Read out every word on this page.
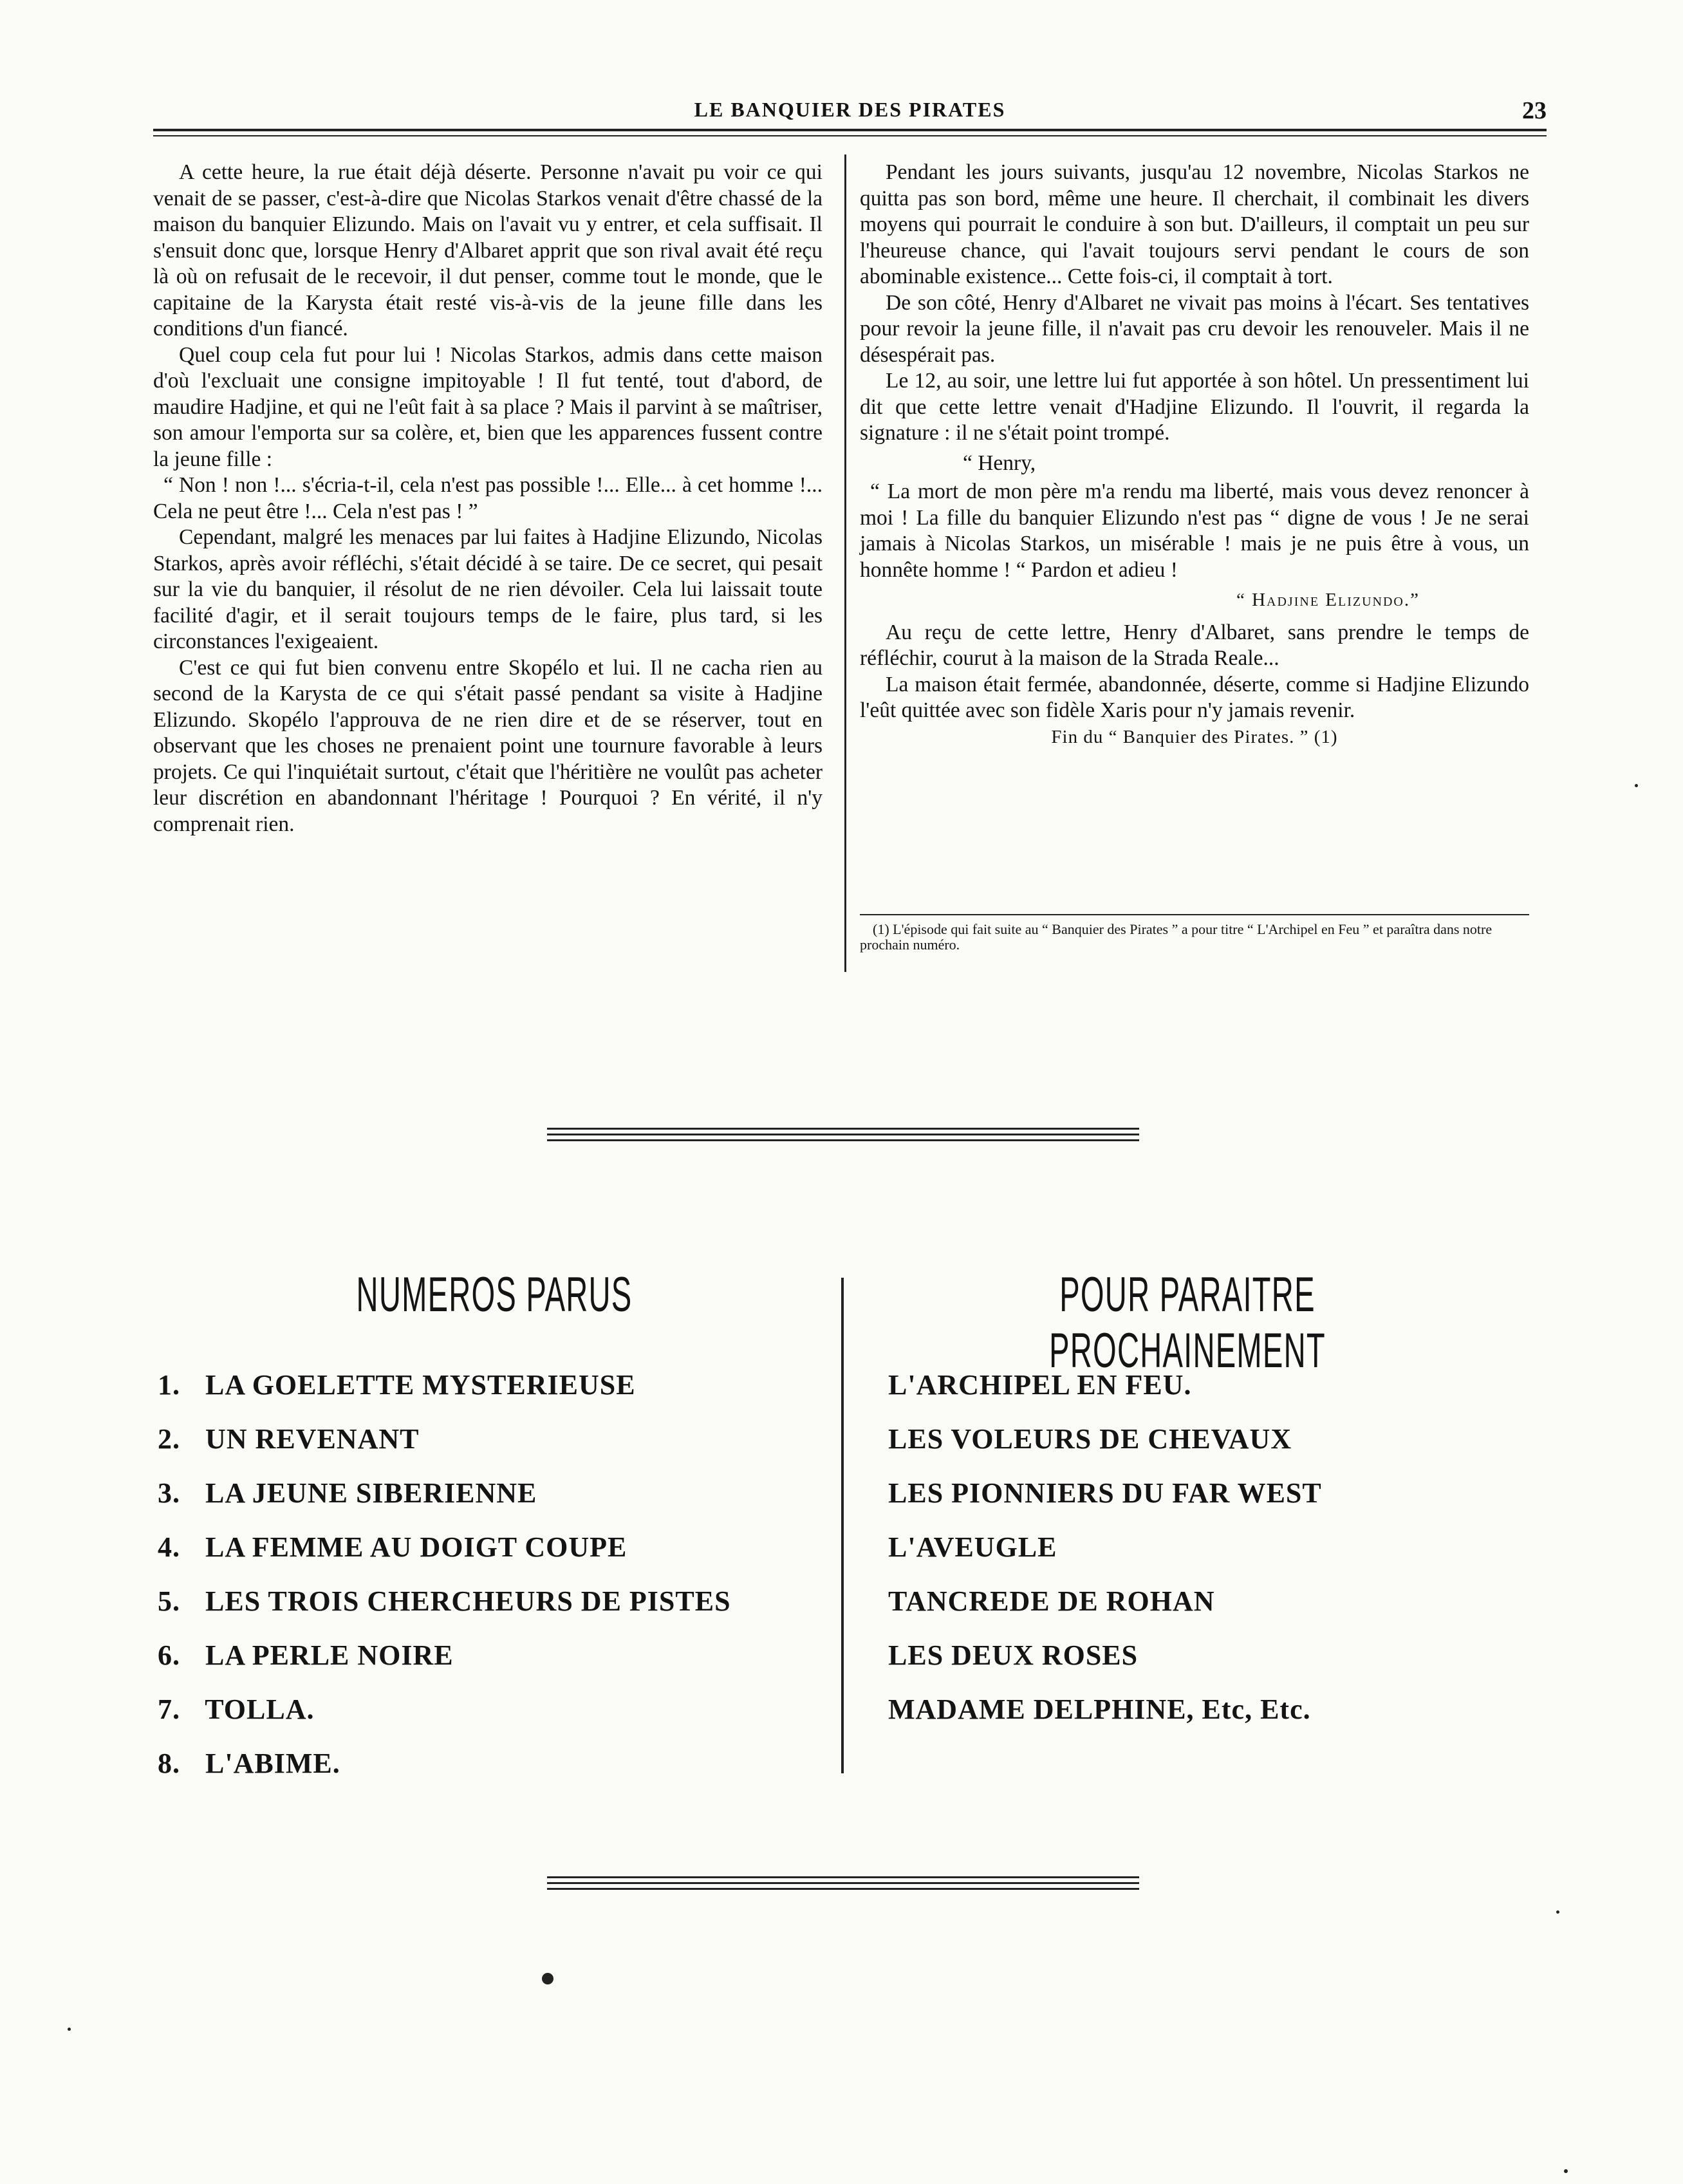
LE BANQUIER DES PIRATES	23

A cette heure, la rue était déjà déserte. Personne n'avait pu voir ce qui venait de se passer, c'est-à-dire que Nicolas Starkos venait d'être chassé de la maison du banquier Elizundo. Mais on l'avait vu y entrer, et cela suffisait. Il s'ensuit donc que, lorsque Henry d'Albaret apprit que son rival avait été reçu là où on refusait de le recevoir, il dut penser, comme tout le monde, que le capitaine de la Karysta était resté vis-à-vis de la jeune fille dans les conditions d'un fiancé.

Quel coup cela fut pour lui ! Nicolas Starkos, admis dans cette maison d'où l'excluait une consigne impitoyable ! Il fut tenté, tout d'abord, de maudire Hadjine, et qui ne l'eût fait à sa place ? Mais il parvint à se maîtriser, son amour l'emporta sur sa colère, et, bien que les apparences fussent contre la jeune fille :

“ Non ! non !... s'écria-t-il, cela n'est pas possible !... Elle... à cet homme !... Cela ne peut être !... Cela n'est pas ! ”

Cependant, malgré les menaces par lui faites à Hadjine Elizundo, Nicolas Starkos, après avoir réfléchi, s'était décidé à se taire. De ce secret, qui pesait sur la vie du banquier, il résolut de ne rien dévoiler. Cela lui laissait toute facilité d'agir, et il serait toujours temps de le faire, plus tard, si les circonstances l'exigeaient.

C'est ce qui fut bien convenu entre Skopélo et lui. Il ne cacha rien au second de la Karysta de ce qui s'était passé pendant sa visite à Hadjine Elizundo. Skopélo l'approuva de ne rien dire et de se réserver, tout en observant que les choses ne prenaient point une tournure favorable à leurs projets. Ce qui l'inquiétait surtout, c'était que l'héritière ne voulût pas acheter leur discrétion en abandonnant l'héritage ! Pourquoi ? En vérité, il n'y comprenait rien.

Pendant les jours suivants, jusqu'au 12 novembre, Nicolas Starkos ne quitta pas son bord, même une heure. Il cherchait, il combinait les divers moyens qui pourrait le conduire à son but. D'ailleurs, il comptait un peu sur l'heureuse chance, qui l'avait toujours servi pendant le cours de son abominable existence... Cette fois-ci, il comptait à tort.

De son côté, Henry d'Albaret ne vivait pas moins à l'écart. Ses tentatives pour revoir la jeune fille, il n'avait pas cru devoir les renouveler. Mais il ne désespérait pas.

Le 12, au soir, une lettre lui fut apportée à son hôtel. Un pressentiment lui dit que cette lettre venait d'Hadjine Elizundo. Il l'ouvrit, il regarda la signature : il ne s'était point trompé.

“ Henry,

“ La mort de mon père m'a rendu ma liberté, mais vous devez renoncer à moi ! La fille du banquier Elizundo n'est pas “ digne de vous ! Je ne serai jamais à Nicolas Starkos, un misérable ! mais je ne puis être à vous, un honnête homme ! “ Pardon et adieu !

“ Hadjine Elizundo.”

Au reçu de cette lettre, Henry d'Albaret, sans prendre le temps de réfléchir, courut à la maison de la Strada Reale...

La maison était fermée, abandonnée, déserte, comme si Hadjine Elizundo l'eût quittée avec son fidèle Xaris pour n'y jamais revenir.

Fin du “ Banquier des Pirates. ” (1)

(1) L'épisode qui fait suite au “ Banquier des Pirates ” a pour titre “ L'Archipel en Feu ” et paraîtra dans notre prochain numéro.
NUMEROS PARUS	POUR PARAITRE PROCHAINEMENT
1. LA GOELETTE MYSTERIEUSE
2. UN REVENANT
3. LA JEUNE SIBERIENNE
4. LA FEMME AU DOIGT COUPE
5. LES TROIS CHERCHEURS DE PISTES
6. LA PERLE NOIRE
7. TOLLA.
8. L'ABIME.
L'ARCHIPEL EN FEU.
LES VOLEURS DE CHEVAUX
LES PIONNIERS DU FAR WEST
L'AVEUGLE
TANCREDE DE ROHAN
LES DEUX ROSES
MADAME DELPHINE, Etc, Etc.
